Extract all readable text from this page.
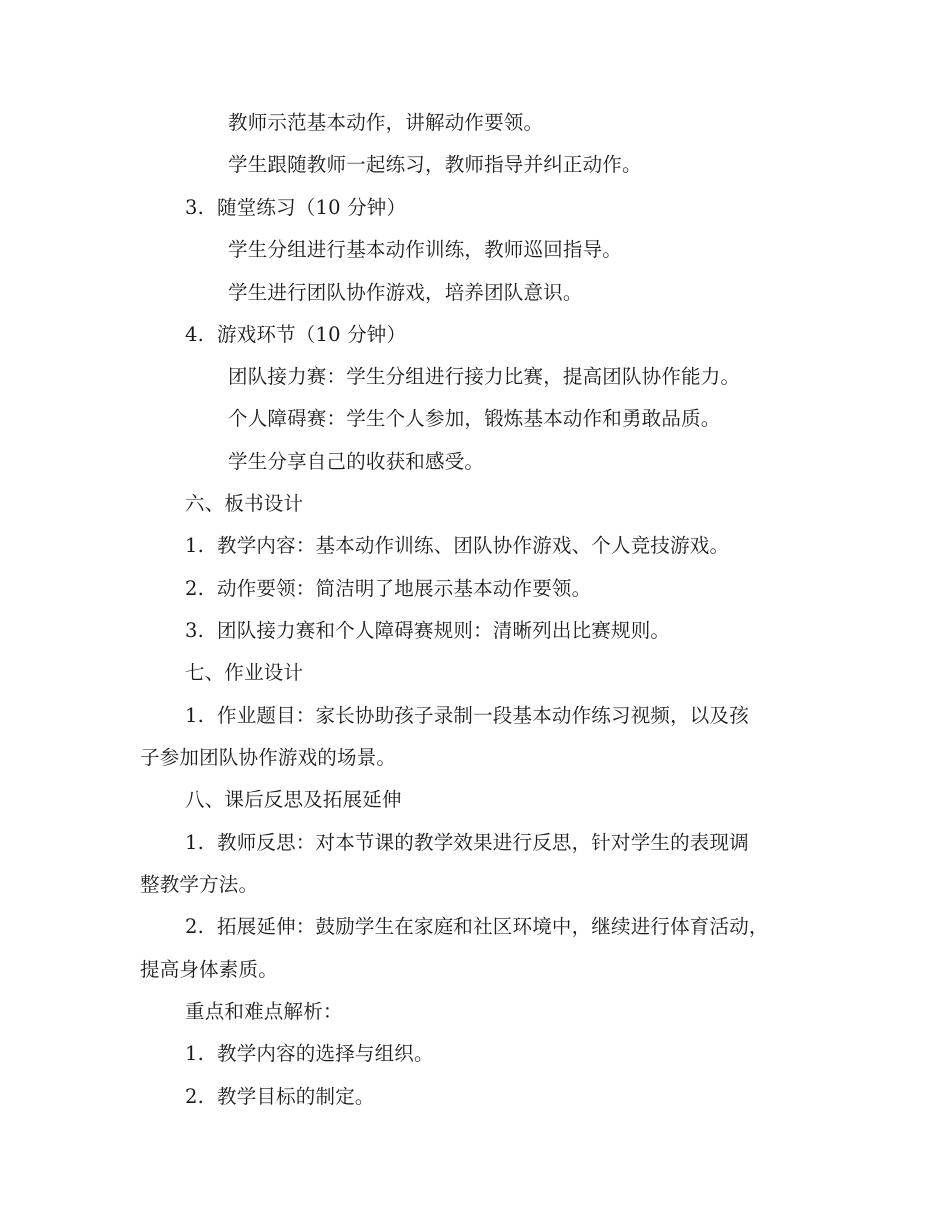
教师示范基本动作，讲解动作要领。
学生跟随教师一起练习，教师指导并纠正动作。
3. 随堂练习（10 分钟）
学生分组进行基本动作训练，教师巡回指导。
学生进行团队协作游戏，培养团队意识。
4. 游戏环节（10 分钟）
团队接力赛：学生分组进行接力比赛，提高团队协作能力。
个人障碍赛：学生个人参加，锻炼基本动作和勇敢品质。
学生分享自己的收获和感受。
六、板书设计
1. 教学内容：基本动作训练、团队协作游戏、个人竞技游戏。
2. 动作要领：简洁明了地展示基本动作要领。
3. 团队接力赛和个人障碍赛规则：清晰列出比赛规则。
七、作业设计
1. 作业题目：家长协助孩子录制一段基本动作练习视频，以及孩
子参加团队协作游戏的场景。
八、课后反思及拓展延伸
1. 教师反思：对本节课的教学效果进行反思，针对学生的表现调
整教学方法。
2. 拓展延伸：鼓励学生在家庭和社区环境中，继续进行体育活动，
提高身体素质。
重点和难点解析：
1. 教学内容的选择与组织。
2. 教学目标的制定。
